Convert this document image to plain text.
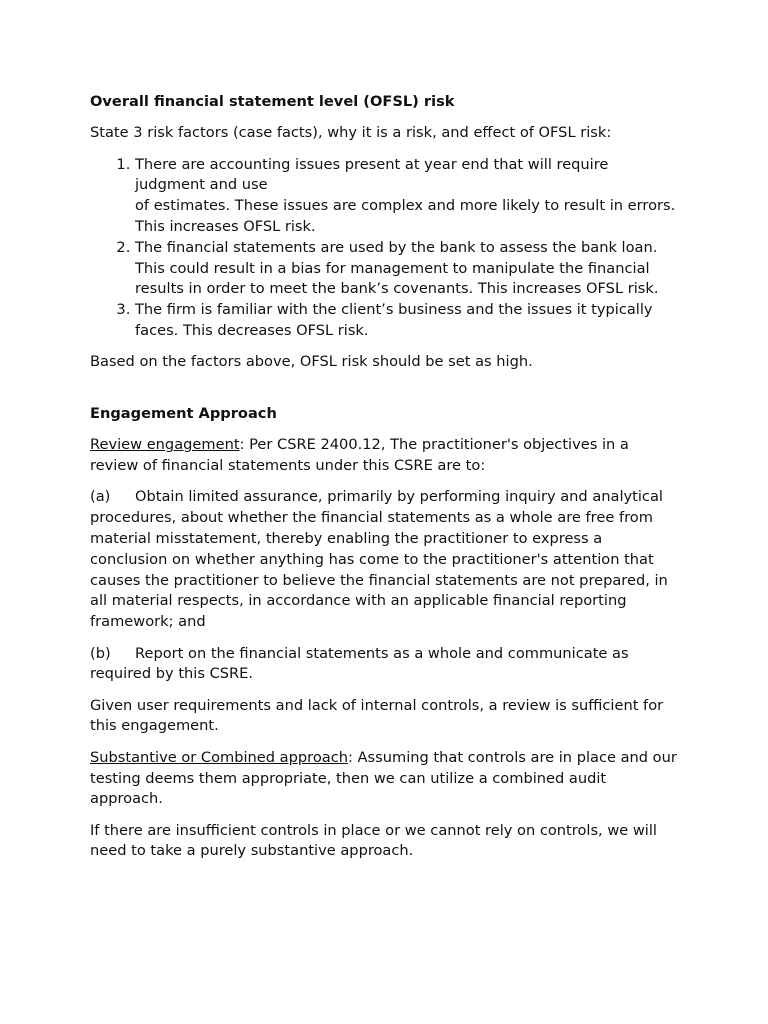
Overall financial statement level (OFSL) risk

State 3 risk factors (case facts), why it is a risk, and effect of OFSL risk:

1. There are accounting issues present at year end that will require judgment and use
of estimates. These issues are complex and more likely to result in errors. This increases OFSL risk.
2. The financial statements are used by the bank to assess the bank loan. This could result in a bias for management to manipulate the financial results in order to meet the bank’s covenants. This increases OFSL risk.
3. The firm is familiar with the client’s business and the issues it typically faces. This decreases OFSL risk.

Based on the factors above, OFSL risk should be set as high.

Engagement Approach

Review engagement: Per CSRE 2400.12, The practitioner's objectives in a review of financial statements under this CSRE are to:

(a) Obtain limited assurance, primarily by performing inquiry and analytical procedures, about whether the financial statements as a whole are free from material misstatement, thereby enabling the practitioner to express a conclusion on whether anything has come to the practitioner's attention that causes the practitioner to believe the financial statements are not prepared, in all material respects, in accordance with an applicable financial reporting framework; and

(b) Report on the financial statements as a whole and communicate as required by this CSRE.

Given user requirements and lack of internal controls, a review is sufficient for this engagement.

Substantive or Combined approach: Assuming that controls are in place and our testing deems them appropriate, then we can utilize a combined audit approach.

If there are insufficient controls in place or we cannot rely on controls, we will need to take a purely substantive approach.
